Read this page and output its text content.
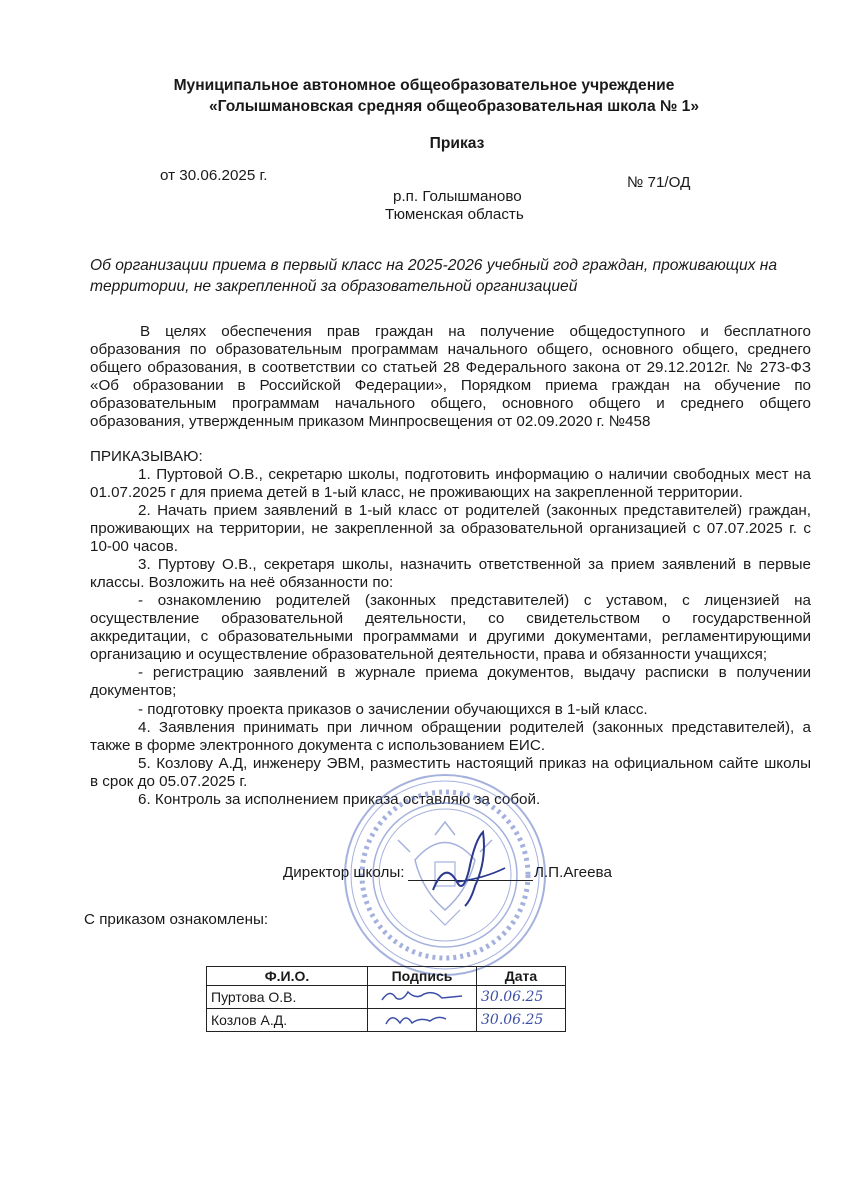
Муниципальное автономное общеобразовательное учреждение
«Голышмановская средняя общеобразовательная школа № 1»
Приказ
от 30.06.2025 г.	№ 71/ОД
р.п. Голышманово
Тюменская область
Об организации приема в первый класс на 2025-2026 учебный год граждан, проживающих на
территории, не закрепленной за образовательной организацией
В целях обеспечения прав граждан на получение общедоступного и бесплатного
образования по образовательным программам начального общего, основного общего, среднего
общего образования, в соответствии со статьей 28 Федерального закона от 29.12.2012г. № 273-ФЗ
«Об образовании в Российской Федерации», Порядком приема граждан на обучение по
образовательным программам начального общего, основного общего и среднего общего
образования, утвержденным приказом Минпросвещения от 02.09.2020 г. №458
ПРИКАЗЫВАЮ:
1. Пуртовой О.В., секретарю школы, подготовить информацию о наличии свободных мест на
01.07.2025 г для приема детей в 1-ый класс, не проживающих на закрепленной территории.
2. Начать прием заявлений в 1-ый класс от родителей (законных представителей) граждан,
проживающих на территории, не закрепленной за образовательной организацией с 07.07.2025 г. с
10-00 часов.
3. Пуртову О.В., секретаря школы, назначить ответственной за прием заявлений в первые
классы. Возложить на неё обязанности по:
- ознакомлению родителей (законных представителей) с уставом, с лицензией на
осуществление образовательной деятельности, со свидетельством о государственной
аккредитации, с образовательными программами и другими документами, регламентирующими
организацию и осуществление образовательной деятельности, права и обязанности учащихся;
- регистрацию заявлений в журнале приема документов, выдачу расписки в получении
документов;
- подготовку проекта приказов о зачислении обучающихся в 1-ый класс.
4. Заявления принимать при личном обращении родителей (законных представителей), а
также в форме электронного документа с использованием ЕИС.
5. Козлову А.Д, инженеру ЭВМ, разместить настоящий приказ на официальном сайте школы
в срок до 05.07.2025 г.
6. Контроль за исполнением приказа оставляю за собой.
Директор школы:	Л.П.Агеева
С приказом ознакомлены:
Ф.И.О.	Подпись	Дата
Пуртова О.В.		30.06.25
Козлов А.Д.		30.06.25
